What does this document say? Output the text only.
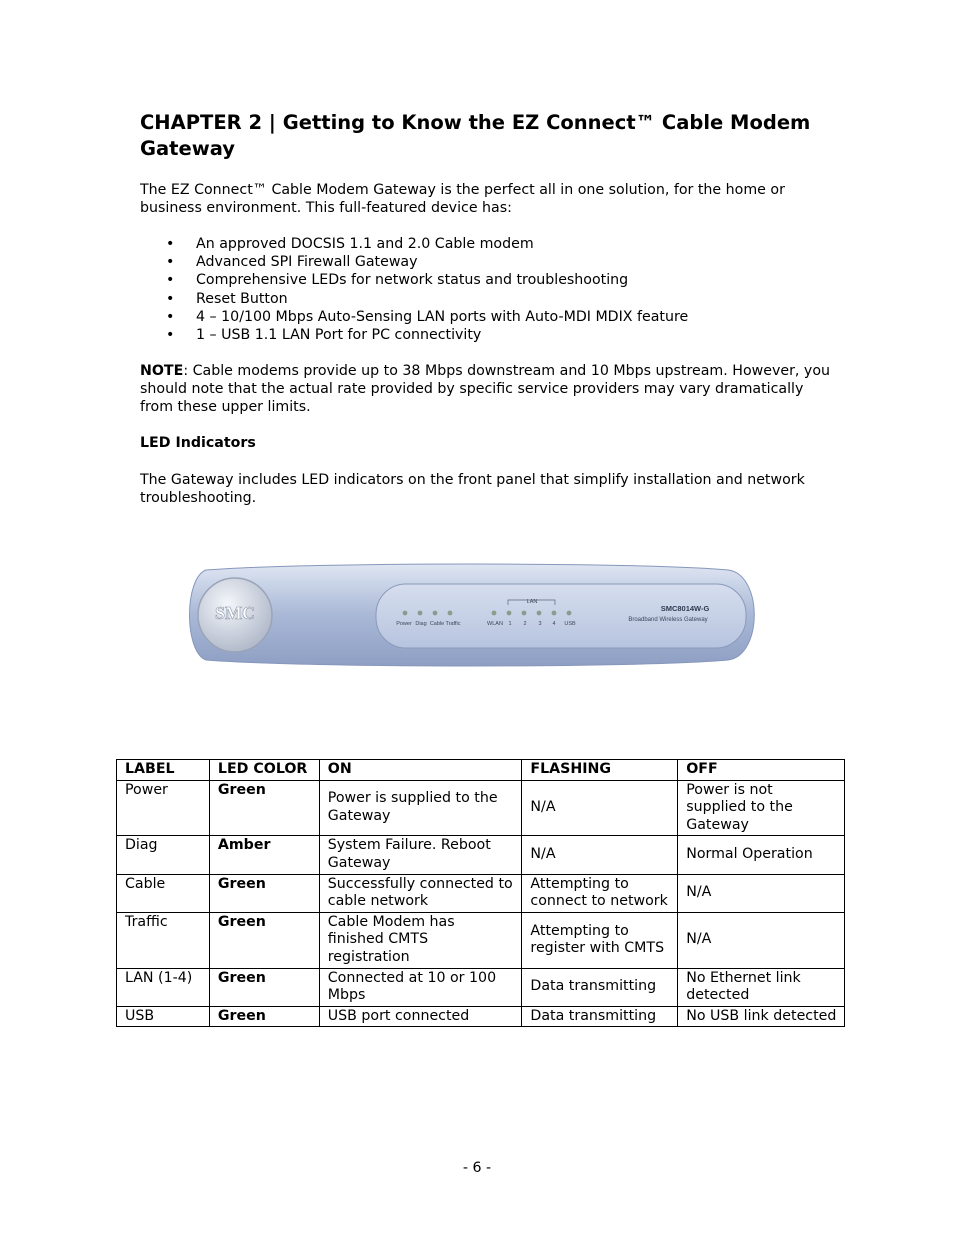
CHAPTER 2 | Getting to Know the EZ Connect™ Cable Modem Gateway

The EZ Connect™ Cable Modem Gateway is the perfect all in one solution, for the home or business environment. This full-featured device has:

• An approved DOCSIS 1.1 and 2.0 Cable modem
• Advanced SPI Firewall Gateway
• Comprehensive LEDs for network status and troubleshooting
• Reset Button
• 4 – 10/100 Mbps Auto-Sensing LAN ports with Auto-MDI MDIX feature
• 1 – USB 1.1 LAN Port for PC connectivity

NOTE: Cable modems provide up to 38 Mbps downstream and 10 Mbps upstream. However, you should note that the actual rate provided by specific service providers may vary dramatically from these upper limits.

LED Indicators

The Gateway includes LED indicators on the front panel that simplify installation and network troubleshooting.

SMC
LAN
Power Diag Cable Traffic	WLAN 1 2 3 4 USB
SMC8014W-G
Broadband Wireless Gateway
LABEL	LED COLOR	ON	FLASHING	OFF
Power	Green	Power is supplied to the Gateway	N/A	Power is not supplied to the Gateway
Diag	Amber	System Failure. Reboot Gateway	N/A	Normal Operation
Cable	Green	Successfully connected to cable network	Attempting to connect to network	N/A
Traffic	Green	Cable Modem has finished CMTS registration	Attempting to register with CMTS	N/A
LAN (1-4)	Green	Connected at 10 or 100 Mbps	Data transmitting	No Ethernet link detected
USB	Green	USB port connected	Data transmitting	No USB link detected
- 6 -
